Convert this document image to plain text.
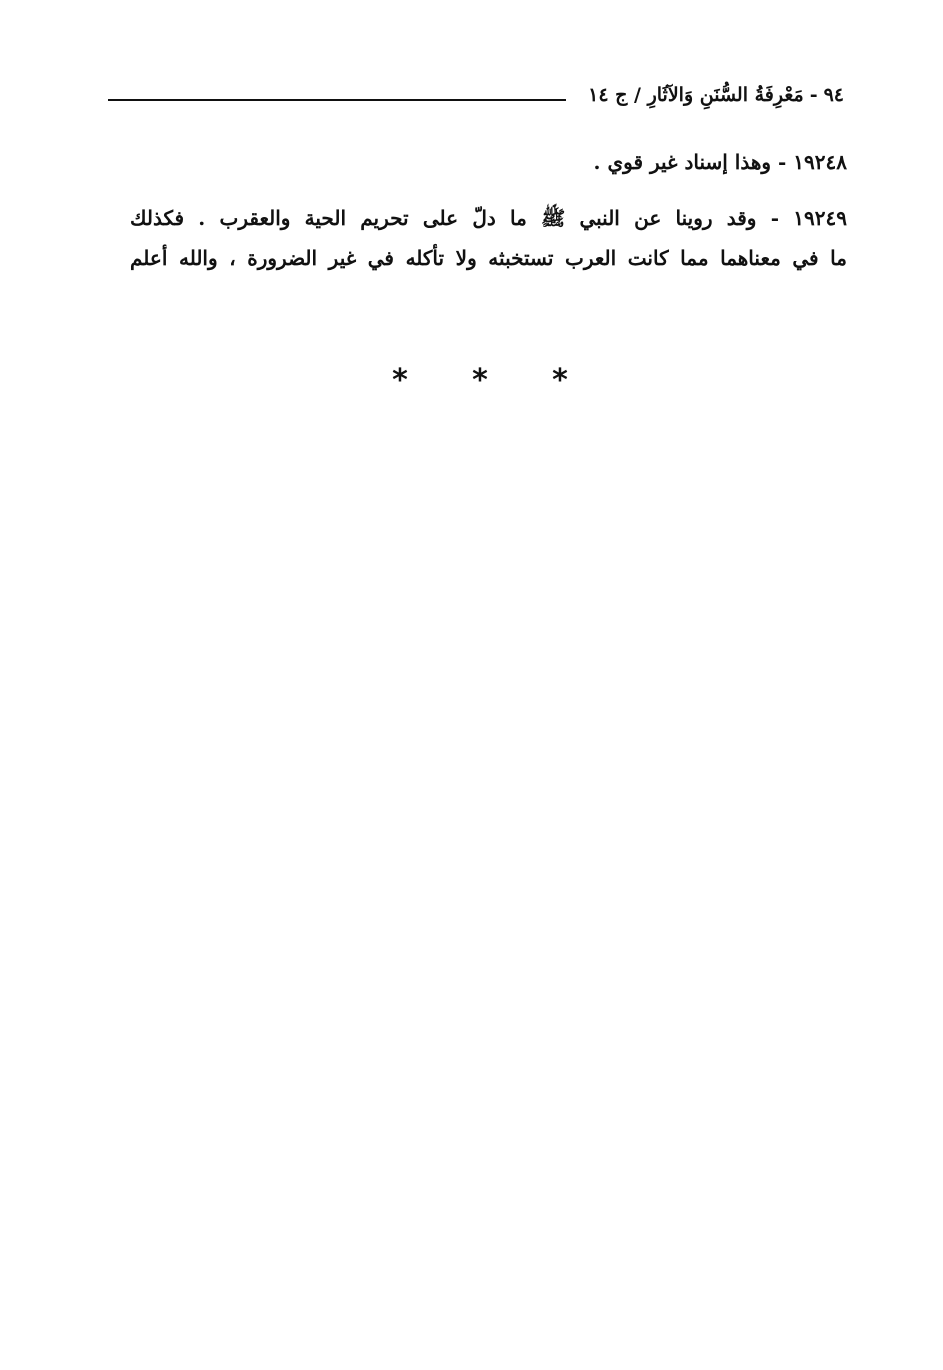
٩٤
-
مَعْرِفَةُ السُّنَنِ وَالآثَارِ / ج ١٤
١٩٢٤٨ - وهذا إسناد غير قوي .
١٩٢٤٩ - وقد روينا عن النبي ﷺ ما دلّ على تحريم الحية والعقرب . فكذلك
ما في معناهما مما كانت العرب تستخبثه ولا تأكله في غير الضرورة ، والله أعلم
*	*	*
